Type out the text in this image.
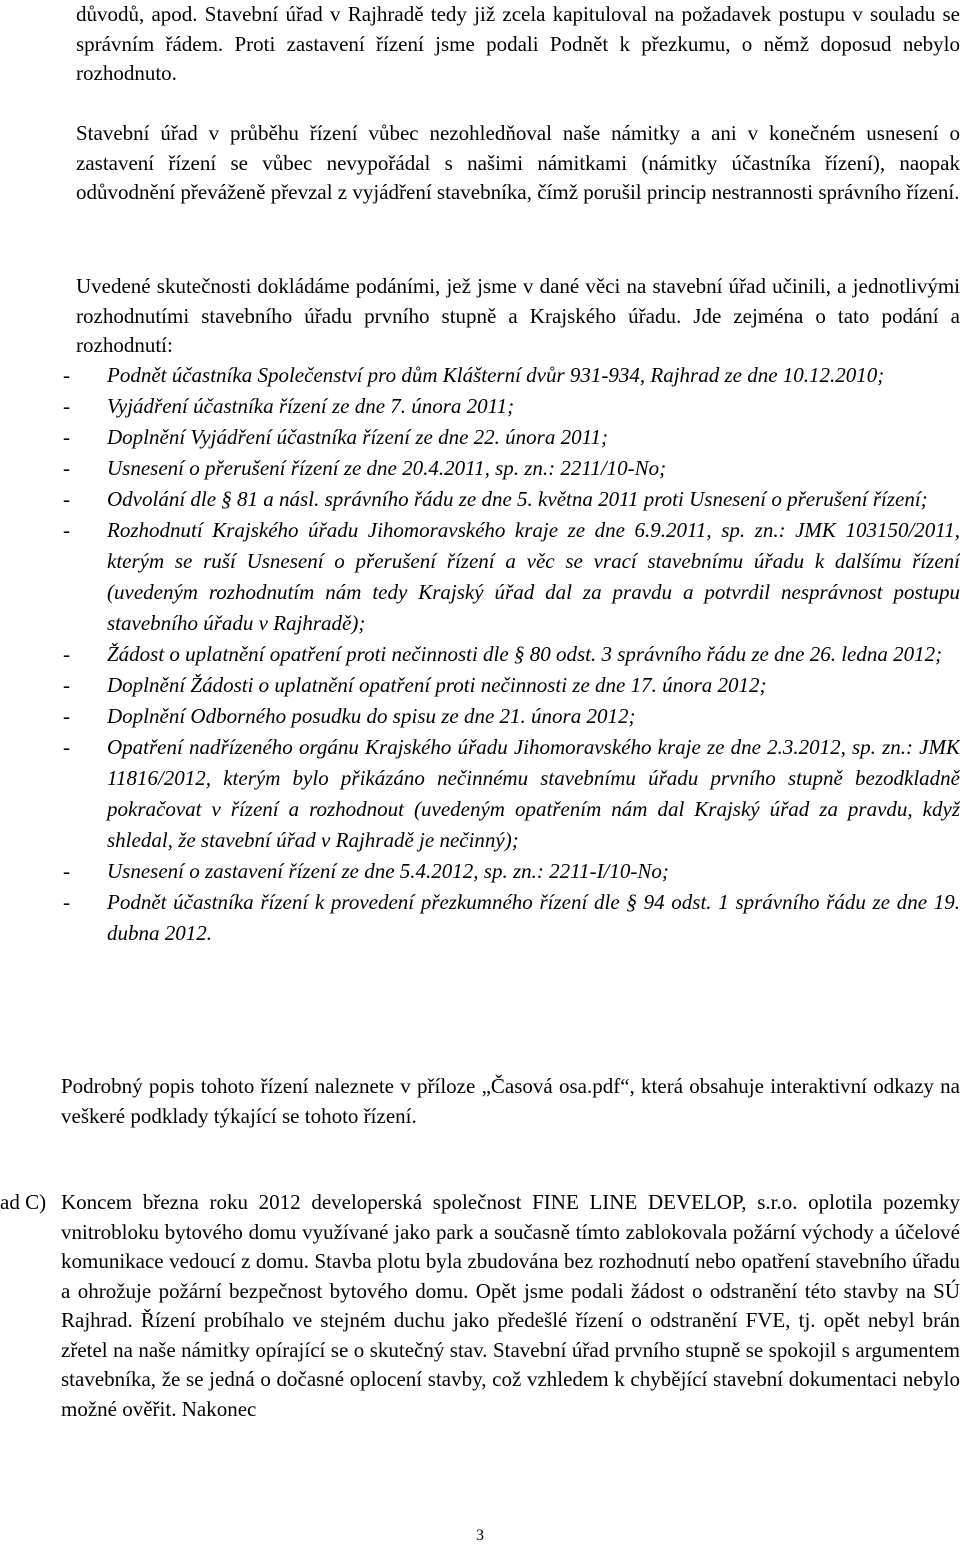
důvodů, apod. Stavební úřad v Rajhradě tedy již zcela kapituloval na požadavek postupu v souladu se správním řádem. Proti zastavení řízení jsme podali Podnět k přezkumu, o němž doposud nebylo rozhodnuto.

Stavební úřad v průběhu řízení vůbec nezohledňoval naše námitky a ani v konečném usnesení o zastavení řízení se vůbec nevypořádal s našimi námitkami (námitky účastníka řízení), naopak odůvodnění převáženě převzal z vyjádření stavebníka, čímž porušil princip nestrannosti správního řízení.

Uvedené skutečnosti dokládáme podáními, jež jsme v dané věci na stavební úřad učinili, a jednotlivými rozhodnutími stavebního úřadu prvního stupně a Krajského úřadu. Jde zejména o tato podání a rozhodnutí:

- Podnět účastníka Společenství pro dům Klášterní dvůr 931-934, Rajhrad ze dne 10.12.2010;
- Vyjádření účastníka řízení ze dne 7. února 2011;
- Doplnění Vyjádření účastníka řízení ze dne 22. února 2011;
- Usnesení o přerušení řízení ze dne 20.4.2011, sp. zn.: 2211/10-No;
- Odvolání dle § 81 a násl. správního řádu ze dne 5. května 2011 proti Usnesení o přerušení řízení;
- Rozhodnutí Krajského úřadu Jihomoravského kraje ze dne 6.9.2011, sp. zn.: JMK 103150/2011, kterým se ruší Usnesení o přerušení řízení a věc se vrací stavebnímu úřadu k dalšímu řízení (uvedeným rozhodnutím nám tedy Krajský úřad dal za pravdu a potvrdil nesprávnost postupu stavebního úřadu v Rajhradě);
- Žádost o uplatnění opatření proti nečinnosti dle § 80 odst. 3 správního řádu ze dne 26. ledna 2012;
- Doplnění Žádosti o uplatnění opatření proti nečinnosti ze dne 17. února 2012;
- Doplnění Odborného posudku do spisu ze dne 21. února 2012;
- Opatření nadřízeného orgánu Krajského úřadu Jihomoravského kraje ze dne 2.3.2012, sp. zn.: JMK 11816/2012, kterým bylo přikázáno nečinnému stavebnímu úřadu prvního stupně bezodkladně pokračovat v řízení a rozhodnout (uvedeným opatřením nám dal Krajský úřad za pravdu, když shledal, že stavební úřad v Rajhradě je nečinný);
- Usnesení o zastavení řízení ze dne 5.4.2012, sp. zn.: 2211-I/10-No;
- Podnět účastníka řízení k provedení přezkumného řízení dle § 94 odst. 1 správního řádu ze dne 19. dubna 2012.

Podrobný popis tohoto řízení naleznete v příloze „Časová osa.pdf“, která obsahuje interaktivní odkazy na veškeré podklady týkající se tohoto řízení.

ad C) Koncem března roku 2012 developerská společnost FINE LINE DEVELOP, s.r.o. oplotila pozemky vnitrobloku bytového domu využívané jako park a současně tímto zablokovala požární východy a účelové komunikace vedoucí z domu. Stavba plotu byla zbudována bez rozhodnutí nebo opatření stavebního úřadu a ohrožuje požární bezpečnost bytového domu. Opět jsme podali žádost o odstranění této stavby na SÚ Rajhrad. Řízení probíhalo ve stejném duchu jako předešlé řízení o odstranění FVE, tj. opět nebyl brán zřetel na naše námitky opírající se o skutečný stav. Stavební úřad prvního stupně se spokojil s argumentem stavebníka, že se jedná o dočasné oplocení stavby, což vzhledem k chybějící stavební dokumentaci nebylo možné ověřit. Nakonec
3
